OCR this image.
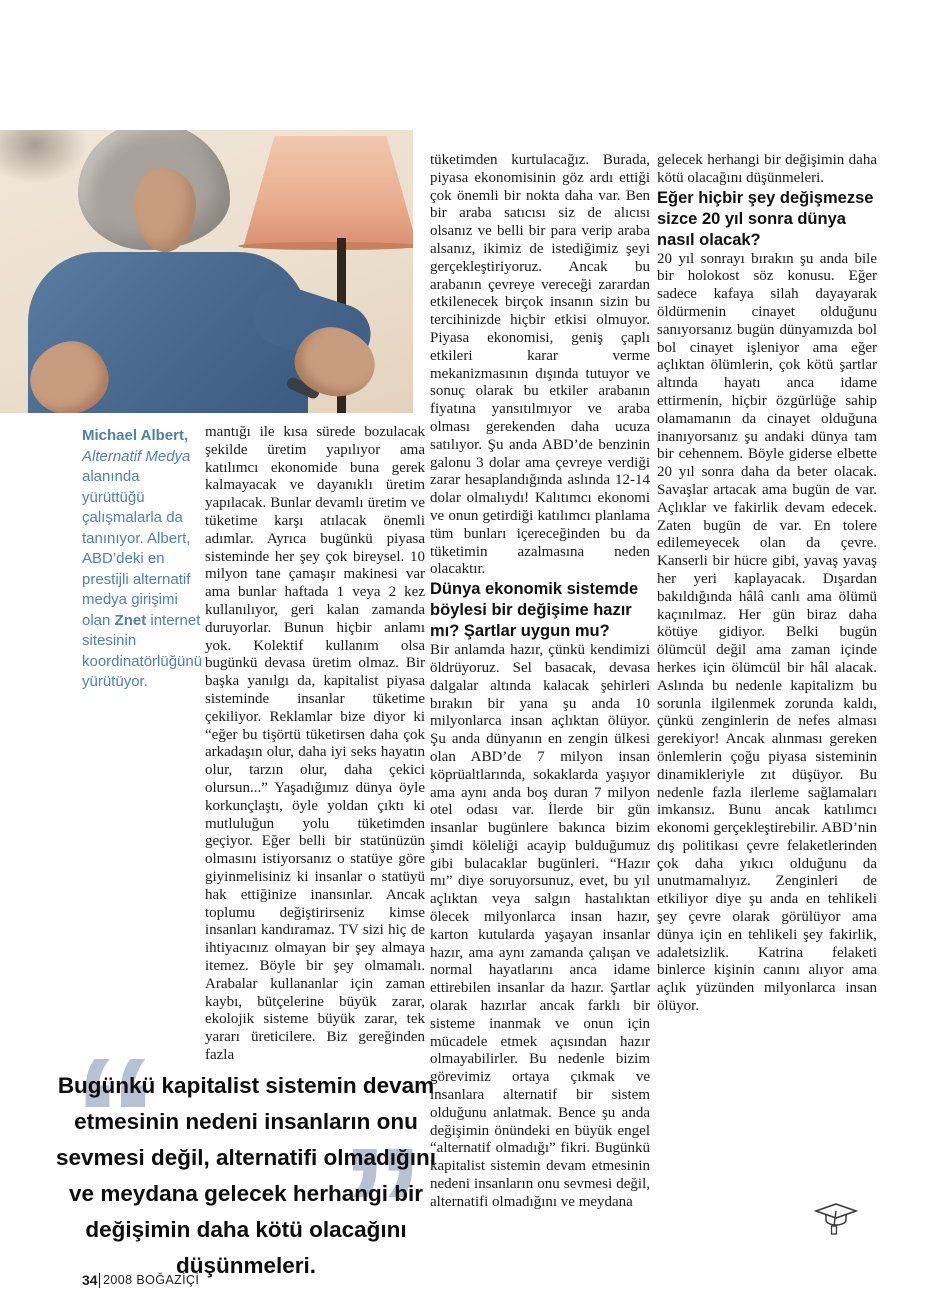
Michael Albert, Alternatif Medya alanında yürüttüğü çalışmalarla da tanınıyor. Albert, ABD’deki en prestijli alternatif medya girişimi olan Znet internet sitesinin koordinatörlüğünü yürütüyor.

mantığı ile kısa sürede bozulacak şekilde üretim yapılıyor ama katılımcı ekonomide buna gerek kalmayacak ve dayanıklı üretim yapılacak. Bunlar devamlı üretim ve tüketime karşı atılacak önemli adımlar. Ayrıca bugünkü piyasa sisteminde her şey çok bireysel. 10 milyon tane çamaşır makinesi var ama bunlar haftada 1 veya 2 kez kullanılıyor, geri kalan zamanda duruyorlar. Bunun hiçbir anlamı yok. Kolektif kullanım olsa bugünkü devasa üretim olmaz. Bir başka yanılgı da, kapitalist piyasa sisteminde insanlar tüketime çekiliyor. Reklamlar bize diyor ki “eğer bu tişörtü tüketirsen daha çok arkadaşın olur, daha iyi seks hayatın olur, tarzın olur, daha çekici olursun...” Yaşadığımız dünya öyle korkunçlaştı, öyle yoldan çıktı ki mutluluğun yolu tüketimden geçiyor. Eğer belli bir statünüzün olmasını istiyorsanız o statüye göre giyinmelisiniz ki insanlar o statüyü hak ettiğinize inansınlar. Ancak toplumu değiştirirseniz kimse insanları kandıramaz. TV sizi hiç de ihtiyacınız olmayan bir şey almaya itemez. Böyle bir şey olmamalı. Arabalar kullananlar için zaman kaybı, bütçelerine büyük zarar, ekolojik sisteme büyük zarar, tek yararı üreticilere. Biz gereğinden fazla

tüketimden kurtulacağız. Burada, piyasa ekonomisinin göz ardı ettiği çok önemli bir nokta daha var. Ben bir araba satıcısı siz de alıcısı olsanız ve belli bir para verip araba alsanız, ikimiz de istediğimiz şeyi gerçekleştiriyoruz. Ancak bu arabanın çevreye vereceği zarardan etkilenecek birçok insanın sizin bu tercihinizde hiçbir etkisi olmuyor. Piyasa ekonomisi, geniş çaplı etkileri karar verme mekanizmasının dışında tutuyor ve sonuç olarak bu etkiler arabanın fiyatına yansıtılmıyor ve araba olması gerekenden daha ucuza satılıyor. Şu anda ABD’de benzinin galonu 3 dolar ama çevreye verdiği zarar hesaplandığında aslında 12-14 dolar olmalıydı! Kalıtımcı ekonomi ve onun getirdiği katılımcı planlama tüm bunları içereceğinden bu da tüketimin azalmasına neden olacaktır.

Dünya ekonomik sistemde böylesi bir değişime hazır mı? Şartlar uygun mu?

Bir anlamda hazır, çünkü kendimizi öldrüyoruz. Sel basacak, devasa dalgalar altında kalacak şehirleri bırakın bir yana şu anda 10 milyonlarca insan açlıktan ölüyor. Şu anda dünyanın en zengin ülkesi olan ABD’de 7 milyon insan köprüaltlarında, sokaklarda yaşıyor ama aynı anda boş duran 7 milyon otel odası var. İlerde bir gün insanlar bugünlere bakınca bizim şimdi köleliği acayip bulduğumuz gibi bulacaklar bugünleri. “Hazır mı” diye soruyorsunuz, evet, bu yıl açlıktan veya salgın hastalıktan ölecek milyonlarca insan hazır, karton kutularda yaşayan insanlar hazır, ama aynı zamanda çalışan ve normal hayatlarını anca idame ettirebilen insanlar da hazır. Şartlar olarak hazırlar ancak farklı bir sisteme inanmak ve onun için mücadele etmek açısından hazır olmayabilirler. Bu nedenle bizim görevimiz ortaya çıkmak ve insanlara alternatif bir sistem olduğunu anlatmak. Bence şu anda değişimin önündeki en büyük engel “alternatif olmadığı” fikri. Bugünkü kapitalist sistemin devam etmesinin nedeni insanların onu sevmesi değil, alternatifi olmadığını ve meydana

gelecek herhangi bir değişimin daha kötü olacağını düşünmeleri.

Eğer hiçbir şey değişmezse sizce 20 yıl sonra dünya nasıl olacak?

20 yıl sonrayı bırakın şu anda bile bir holokost söz konusu. Eğer sadece kafaya silah dayayarak öldürmenin cinayet olduğunu sanıyorsanız bugün dünyamızda bol bol cinayet işleniyor ama eğer açlıktan ölümlerin, çok kötü şartlar altında hayatı anca idame ettirmenin, hiçbir özgürlüğe sahip olamamanın da cinayet olduğuna inanıyorsanız şu andaki dünya tam bir cehennem. Böyle giderse elbette 20 yıl sonra daha da beter olacak. Savaşlar artacak ama bugün de var. Açlıklar ve fakirlik devam edecek. Zaten bugün de var. En tolere edilemeyecek olan da çevre. Kanserli bir hücre gibi, yavaş yavaş her yeri kaplayacak. Dışardan bakıldığında hâlâ canlı ama ölümü kaçınılmaz. Her gün biraz daha kötüye gidiyor. Belki bugün ölümcül değil ama zaman içinde herkes için ölümcül bir hâl alacak. Aslında bu nedenle kapitalizm bu sorunla ilgilenmek zorunda kaldı, çünkü zenginlerin de nefes alması gerekiyor! Ancak alınması gereken önlemlerin çoğu piyasa sisteminin dinamikleriyle zıt düşüyor. Bu nedenle fazla ilerleme sağlamaları imkansız. Bunu ancak katılımcı ekonomi gerçekleştirebilir. ABD’nin dış politikası çevre felaketlerinden çok daha yıkıcı olduğunu da unutmamalıyız. Zenginleri de etkiliyor diye şu anda en tehlikeli şey çevre olarak görülüyor ama dünya için en tehlikeli şey fakirlik, adaletsizlik. Katrina felaketi binlerce kişinin canını alıyor ama açlık yüzünden milyonlarca insan ölüyor.

“ ”
Bugünkü kapitalist sistemin devam etmesinin nedeni insanların onu sevmesi değil, alternatifi olmadığını ve meydana gelecek herhangi bir değişimin daha kötü olacağını düşünmeleri.
34 2008 BOĞAZİÇİ
